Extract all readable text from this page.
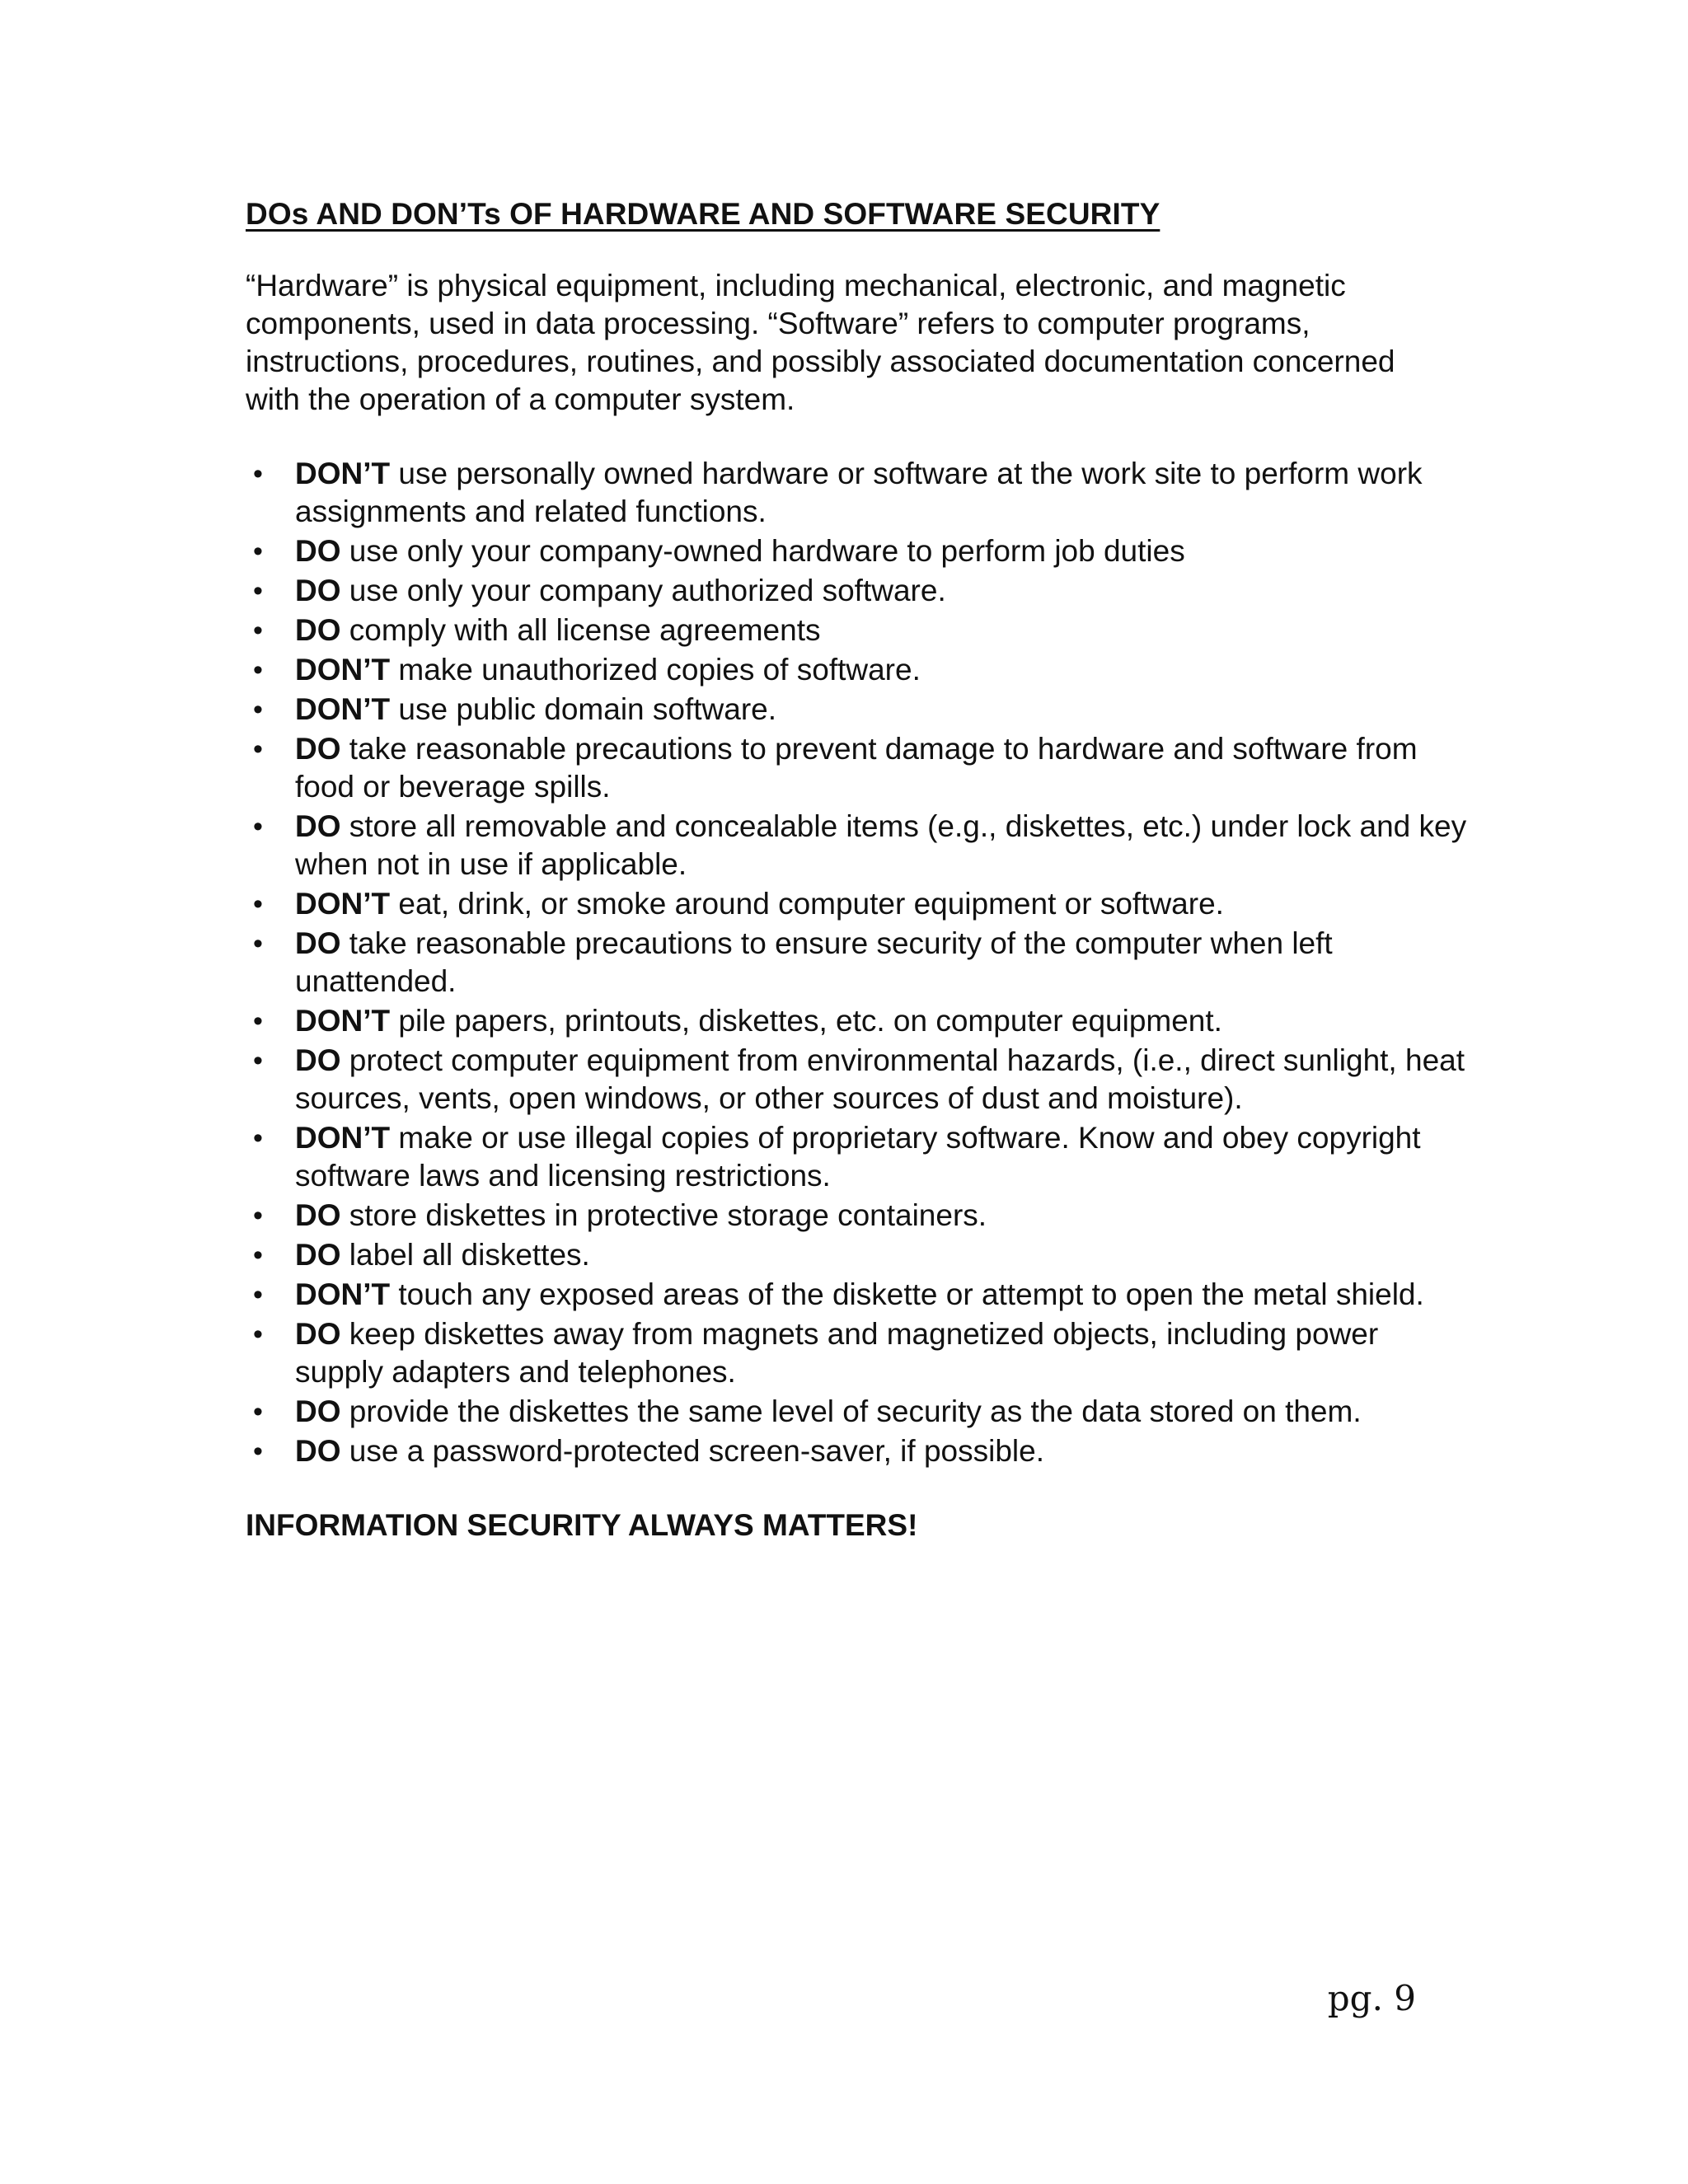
DOs AND DON’Ts OF HARDWARE AND SOFTWARE SECURITY

“Hardware” is physical equipment, including mechanical, electronic, and magnetic components, used in data processing. “Software” refers to computer programs, instructions, procedures, routines, and possibly associated documentation concerned with the operation of a computer system.

• DON’T use personally owned hardware or software at the work site to perform work assignments and related functions.
• DO use only your company-owned hardware to perform job duties
• DO use only your company authorized software.
• DO comply with all license agreements
• DON’T make unauthorized copies of software.
• DON’T use public domain software.
• DO take reasonable precautions to prevent damage to hardware and software from food or beverage spills.
• DO store all removable and concealable items (e.g., diskettes, etc.) under lock and key when not in use if applicable.
• DON’T eat, drink, or smoke around computer equipment or software.
• DO take reasonable precautions to ensure security of the computer when left unattended.
• DON’T pile papers, printouts, diskettes, etc. on computer equipment.
• DO protect computer equipment from environmental hazards, (i.e., direct sunlight, heat sources, vents, open windows, or other sources of dust and moisture).
• DON’T make or use illegal copies of proprietary software. Know and obey copyright software laws and licensing restrictions.
• DO store diskettes in protective storage containers.
• DO label all diskettes.
• DON’T touch any exposed areas of the diskette or attempt to open the metal shield.
• DO keep diskettes away from magnets and magnetized objects, including power supply adapters and telephones.
• DO provide the diskettes the same level of security as the data stored on them.
• DO use a password-protected screen-saver, if possible.

INFORMATION SECURITY ALWAYS MATTERS!

pg. 9
